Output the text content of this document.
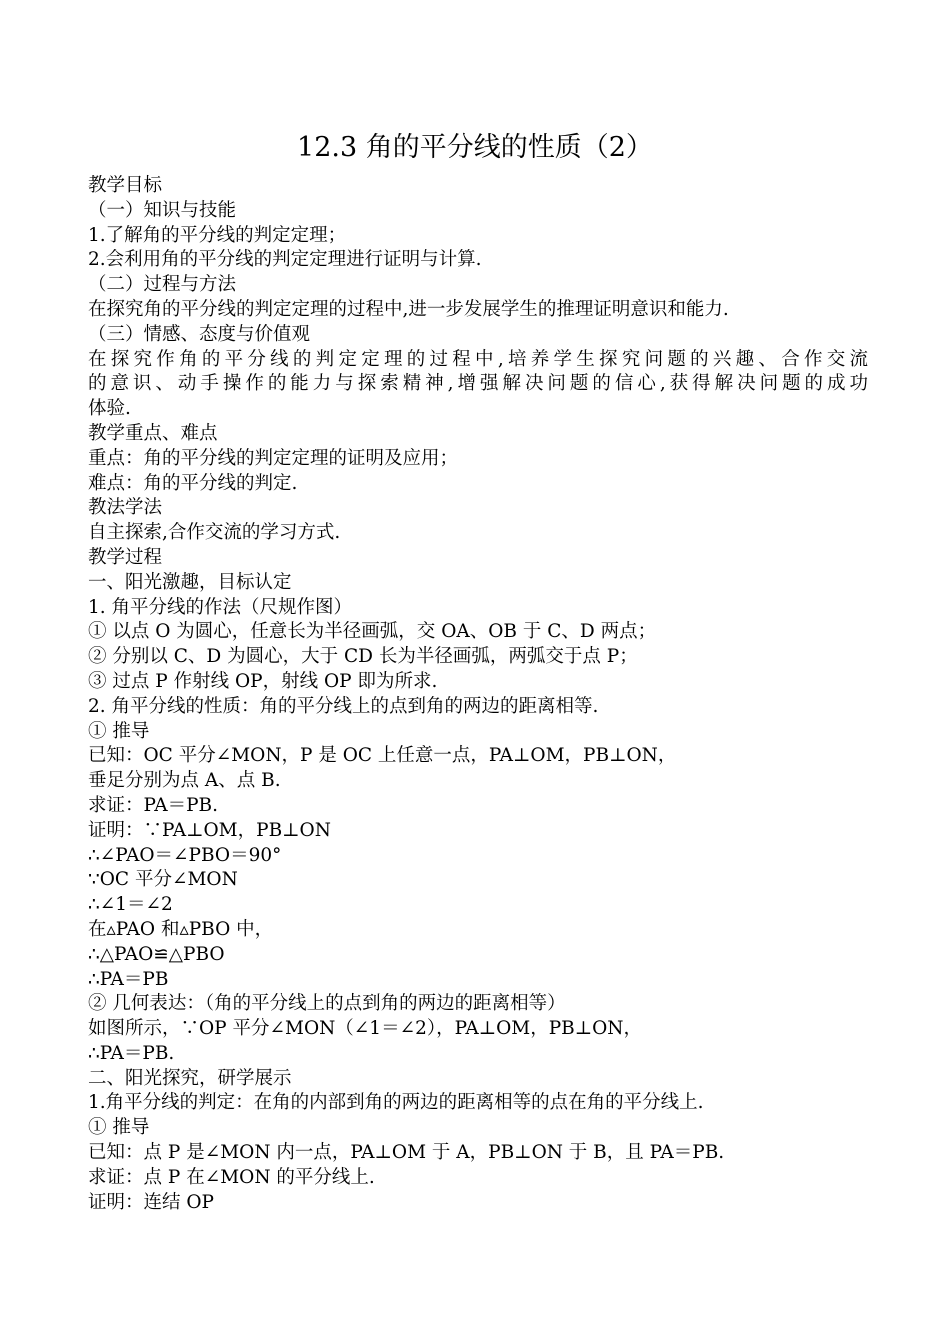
12.3 角的平分线的性质（2）
教学目标
（一）知识与技能
1.了解角的平分线的判定定理；
2.会利用角的平分线的判定定理进行证明与计算.
（二）过程与方法
在探究角的平分线的判定定理的过程中,进一步发展学生的推理证明意识和能力.
（三）情感、态度与价值观
在探究作角的平分线的判定定理的过程中,培养学生探究问题的兴趣、合作交流
的意识、动手操作的能力与探索精神,增强解决问题的信心,获得解决问题的成功
体验.
教学重点、难点
重点：角的平分线的判定定理的证明及应用；
难点：角的平分线的判定.
教法学法
自主探索,合作交流的学习方式.
教学过程
一、阳光激趣，目标认定
1. 角平分线的作法（尺规作图）
① 以点 O 为圆心，任意长为半径画弧，交 OA、OB 于 C、D 两点；
② 分别以 C、D 为圆心，大于 CD 长为半径画弧，两弧交于点 P；
③ 过点 P 作射线 OP，射线 OP 即为所求.
2. 角平分线的性质：角的平分线上的点到角的两边的距离相等.
① 推导
已知：OC 平分∠MON，P 是 OC 上任意一点，PA⊥OM，PB⊥ON，
垂足分别为点 A、点 B.
求证：PA＝PB.
证明：∵PA⊥OM，PB⊥ON
∴∠PAO＝∠PBO＝90°
∵OC 平分∠MON
∴∠1＝∠2
在▵PAO 和▵PBO 中，
∴△PAO≌△PBO
∴PA＝PB
② 几何表达：（角的平分线上的点到角的两边的距离相等）
如图所示，∵OP 平分∠MON（∠1＝∠2），PA⊥OM，PB⊥ON，
∴PA＝PB.
二、阳光探究，研学展示
1.角平分线的判定：在角的内部到角的两边的距离相等的点在角的平分线上.
① 推导
已知：点 P 是∠MON 内一点，PA⊥OM 于 A，PB⊥ON 于 B，且 PA＝PB.
求证：点 P 在∠MON 的平分线上.
证明：连结 OP
